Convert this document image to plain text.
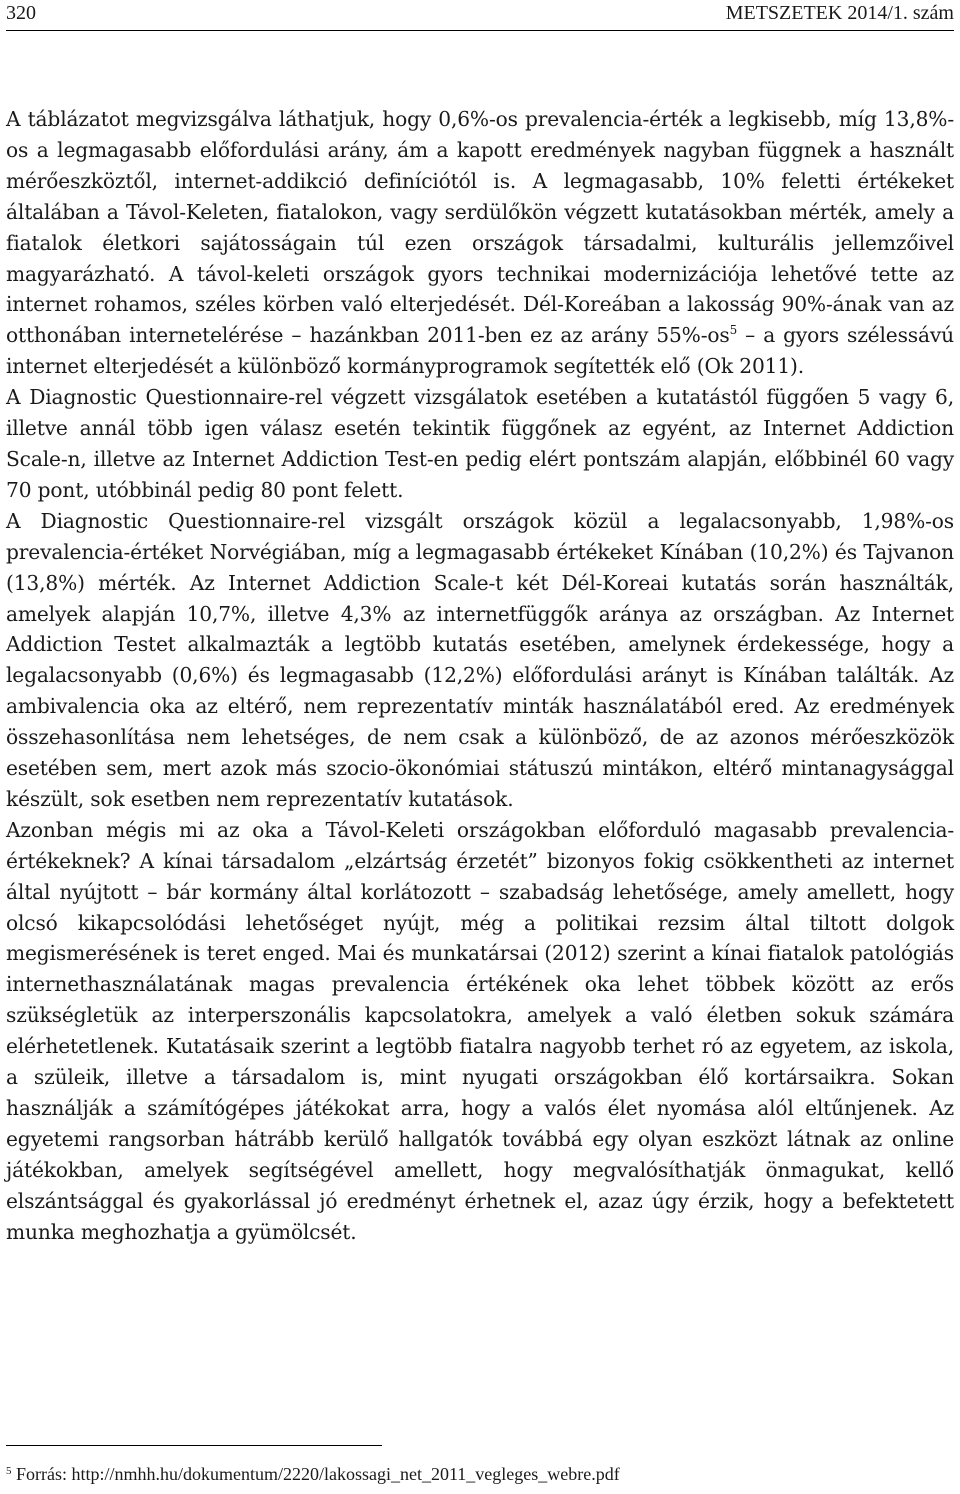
320	METSZETEK 2014/1. szám

A táblázatot megvizsgálva láthatjuk, hogy 0,6%-os prevalencia-érték a legkisebb, míg 13,8%-os a legmagasabb előfordulási arány, ám a kapott eredmények nagyban függnek a használt mérőeszköztől, internet-addikció definíciótól is. A legmagasabb, 10% feletti értékeket általában a Távol-Keleten, fiatalokon, vagy serdülőkön végzett kutatásokban mérték, amely a fiatalok életkori sajátosságain túl ezen országok társadalmi, kulturális jellemzőivel magyarázható. A távol-keleti országok gyors technikai modernizációja lehetővé tette az internet rohamos, széles körben való elterjedését. Dél-Koreában a lakosság 90%-ának van az otthonában internetelérése – hazánkban 2011-ben ez az arány 55%-os$^5$ – a gyors szélessávú internet elterjedését a különböző kormányprogramok segítették elő (Ok 2011).

A Diagnostic Questionnaire-rel végzett vizsgálatok esetében a kutatástól függően 5 vagy 6, illetve annál több igen válasz esetén tekintik függőnek az egyént, az Internet Addiction Scale-n, illetve az Internet Addiction Test-en pedig elért pontszám alapján, előbbinél 60 vagy 70 pont, utóbbinál pedig 80 pont felett.

A Diagnostic Questionnaire-rel vizsgált országok közül a legalacsonyabb, 1,98%-os prevalencia-értéket Norvégiában, míg a legmagasabb értékeket Kínában (10,2%) és Tajvanon (13,8%) mérték. Az Internet Addiction Scale-t két Dél-Koreai kutatás során használták, amelyek alapján 10,7%, illetve 4,3% az internetfüggők aránya az országban. Az Internet Addiction Testet alkalmazták a legtöbb kutatás esetében, amelynek érdekessége, hogy a legalacsonyabb (0,6%) és legmagasabb (12,2%) előfordulási arányt is Kínában találták. Az ambivalencia oka az eltérő, nem reprezentatív minták használatából ered. Az eredmények összehasonlítása nem lehetséges, de nem csak a különböző, de az azonos mérőeszközök esetében sem, mert azok más szocio-ökonómiai státuszú mintákon, eltérő mintanagysággal készült, sok esetben nem reprezentatív kutatások.

Azonban mégis mi az oka a Távol-Keleti országokban előforduló magasabb prevalencia-értékeknek? A kínai társadalom „elzártság érzetét” bizonyos fokig csökkentheti az internet által nyújtott – bár kormány által korlátozott – szabadság lehetősége, amely amellett, hogy olcsó kikapcsolódási lehetőséget nyújt, még a politikai rezsim által tiltott dolgok megismerésének is teret enged. Mai és munkatársai (2012) szerint a kínai fiatalok patológiás internethasználatának magas prevalencia értékének oka lehet többek között az erős szükségletük az interperszonális kapcsolatokra, amelyek a való életben sokuk számára elérhetetlenek. Kutatásaik szerint a legtöbb fiatalra nagyobb terhet ró az egyetem, az iskola, a szüleik, illetve a társadalom is, mint nyugati országokban élő kortársaikra. Sokan használják a számítógépes játékokat arra, hogy a valós élet nyomása alól eltűnjenek. Az egyetemi rangsorban hátrább kerülő hallgatók továbbá egy olyan eszközt látnak az online játékokban, amelyek segítségével amellett, hogy megvalósíthatják önmagukat, kellő elszántsággal és gyakorlással jó eredményt érhetnek el, azaz úgy érzik, hogy a befektetett munka meghozhatja a gyümölcsét.

$^5$ Forrás: http://nmhh.hu/dokumentum/2220/lakossagi_net_2011_vegleges_webre.pdf
